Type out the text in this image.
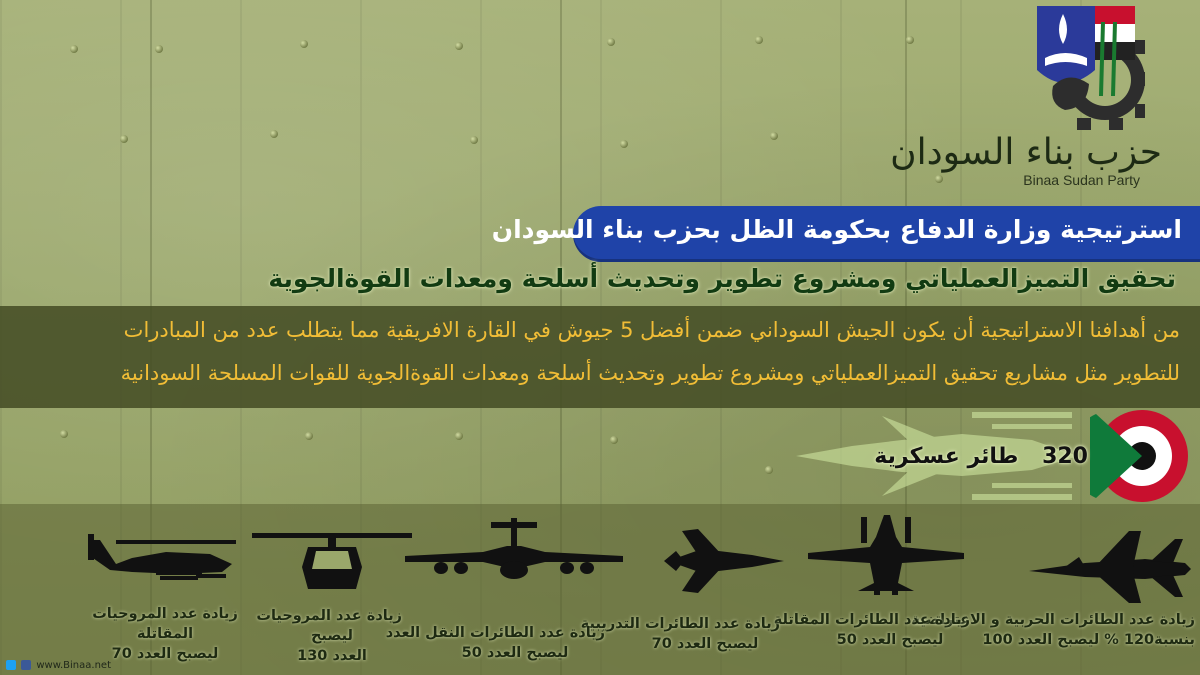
حزب بناء السودان
Binaa Sudan Party
استرتيجية وزارة الدفاع بحكومة الظل بحزب بناء السودان
تحقيق التميزالعملياتي ومشروع تطوير وتحديث أسلحة ومعدات القوةالجوية
من أهدافنا الاستراتيجية أن يكون الجيش السوداني ضمن أفضل 5 جيوش في القارة الافريقية مما يتطلب عدد من المبادرات
للتطوير مثل مشاريع تحقيق التميزالعملياتي ومشروع تطوير وتحديث أسلحة ومعدات القوةالجوية للقوات المسلحة السودانية
320 طائر عسكرية
زيادة عدد الطائرات الحربية و الاعتراضية
بنسبة120 % ليصبح العدد 100
زيادة عدد الطائرات المقاتلة
ليصبح العدد 50
زيادة عدد الطائرات التدريبية
ليصبح العدد 70
زيادة عدد الطائرات النقل العدد
ليصبح العدد 50
زيادة عدد المروحيات
ليصبح
العدد 130
زيادة عدد المروحيات
المقاتلة
ليصبح العدد 70
www.Binaa.net
